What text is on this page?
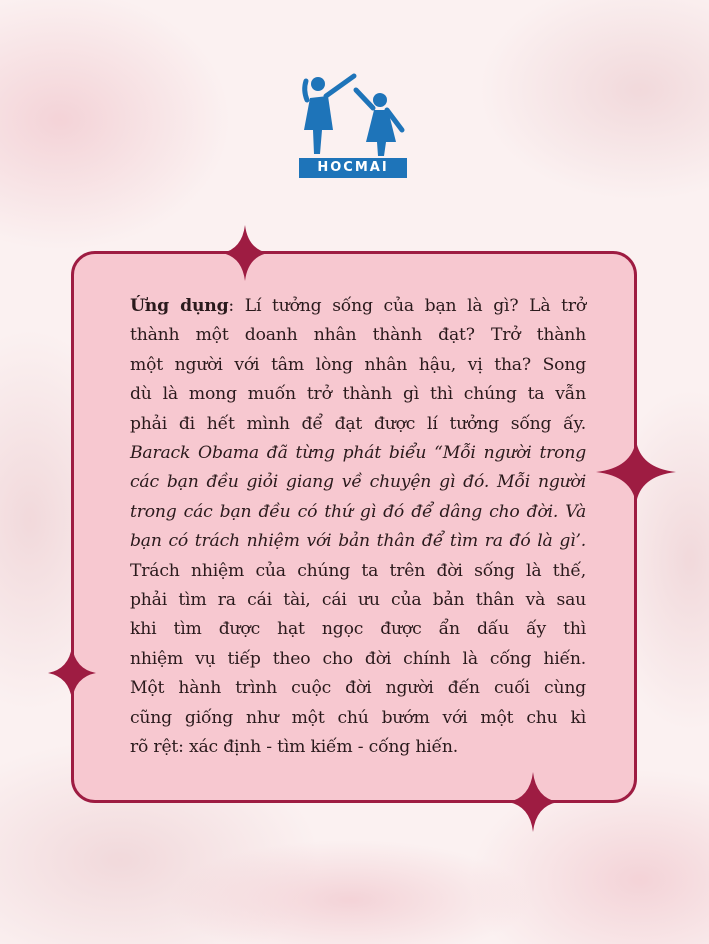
HOCMAI

Ứng dụng: Lí tưởng sống của bạn là gì? Là trở
thành một doanh nhân thành đạt? Trở thành
một người với tâm lòng nhân hậu, vị tha? Song
dù là mong muốn trở thành gì thì chúng ta vẫn
phải đi hết mình để đạt được lí tưởng sống ấy.
Barack Obama đã từng phát biểu “Mỗi người trong
các bạn đều giỏi giang về chuyện gì đó. Mỗi người
trong các bạn đều có thứ gì đó để dâng cho đời. Và
bạn có trách nhiệm với bản thân để tìm ra đó là gì’.
Trách nhiệm của chúng ta trên đời sống là thế,
phải tìm ra cái tài, cái ưu của bản thân và sau
khi tìm được hạt ngọc được ẩn dấu ấy thì
nhiệm vụ tiếp theo cho đời chính là cống hiến.
Một hành trình cuộc đời người đến cuối cùng
cũng giống như một chú bướm với một chu kì
rõ rệt: xác định - tìm kiếm - cống hiến.
